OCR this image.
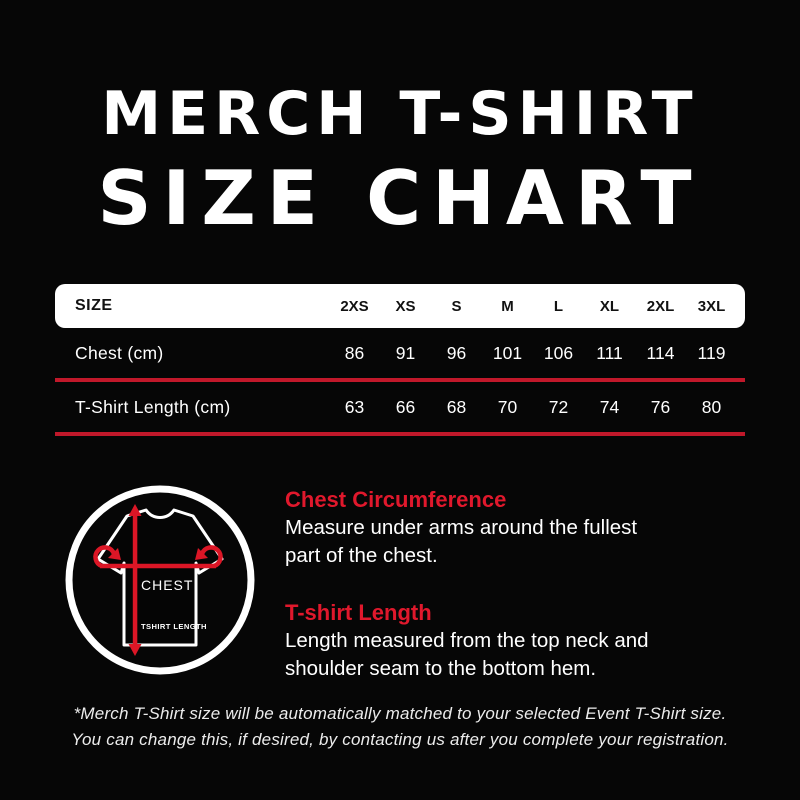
MERCH T-SHIRT
SIZE CHART
SIZE	2XS	XS	S	M	L	XL	2XL	3XL
Chest (cm)	86	91	96	101	106	111	114	119
T-Shirt Length (cm)	63	66	68	70	72	74	76	80
CHEST
TSHIRT LENGTH
Chest Circumference
Measure under arms around the fullest
part of the chest.
T-shirt Length
Length measured from the top neck and
shoulder seam to the bottom hem.
*Merch T-Shirt size will be automatically matched to your selected Event T-Shirt size.
You can change this, if desired, by contacting us after you complete your registration.
